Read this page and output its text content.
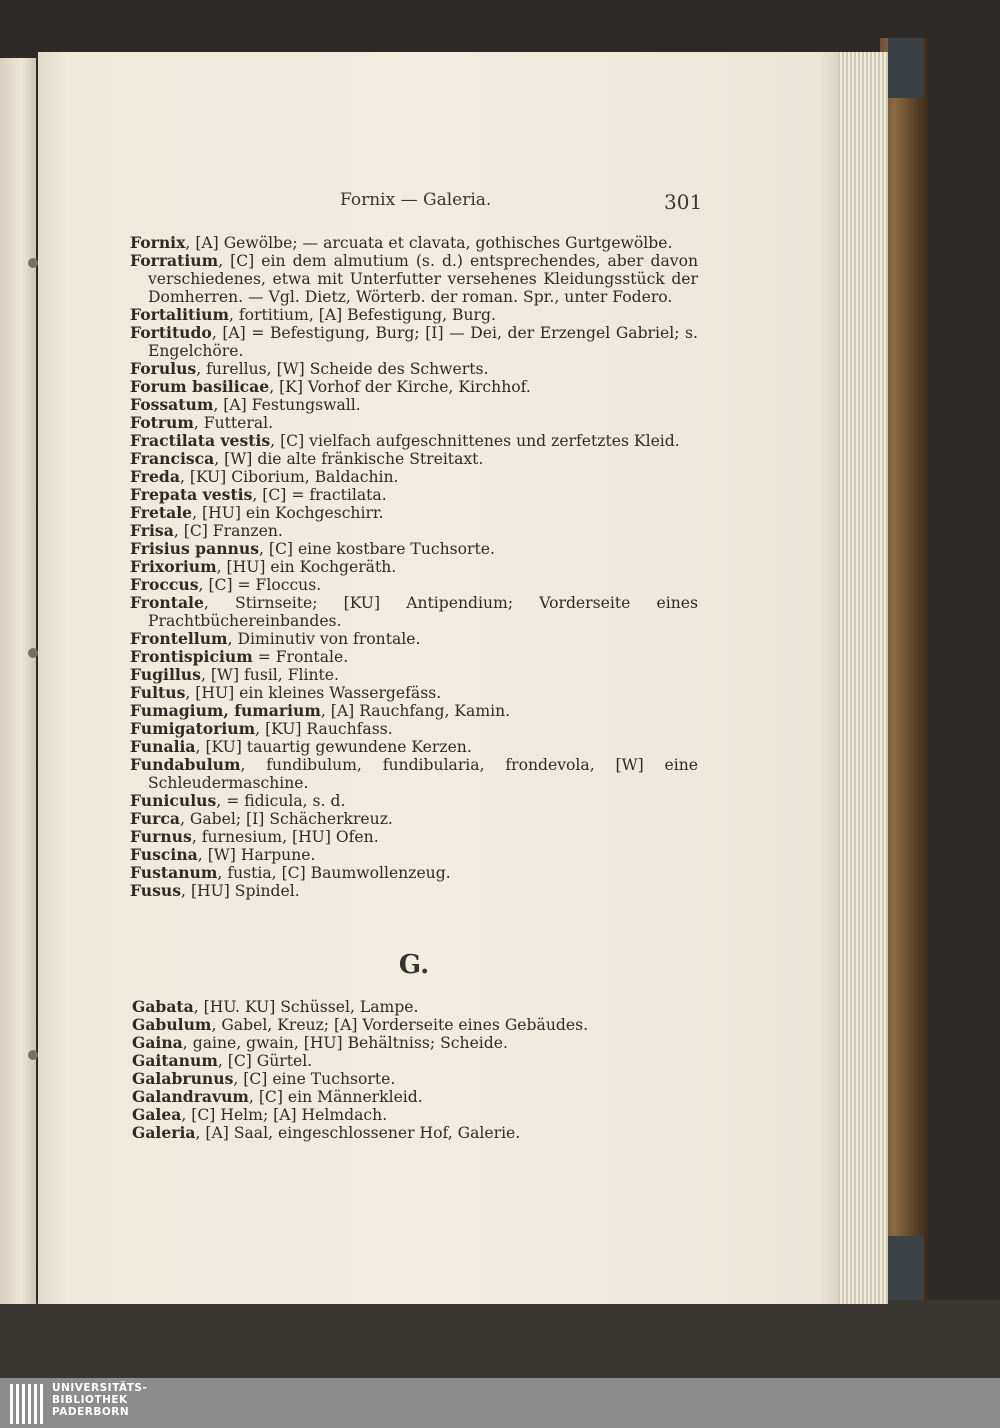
Fornix — Galeria.	301
Fornix, [A] Gewölbe; — arcuata et clavata, gothisches Gurtgewölbe.
Forratium, [C] ein dem almutium (s. d.) entsprechendes, aber davon verschiedenes, etwa mit Unterfutter versehenes Kleidungsstück der Domherren. — Vgl. Dietz, Wörterb. der roman. Spr., unter Fodero.
Fortalitium, fortitium, [A] Befestigung, Burg.
Fortitudo, [A] = Befestigung, Burg; [I] — Dei, der Erzengel Gabriel; s. Engelchöre.
Forulus, furellus, [W] Scheide des Schwerts.
Forum basilicae, [K] Vorhof der Kirche, Kirchhof.
Fossatum, [A] Festungswall.
Fotrum, Futteral.
Fractilata vestis, [C] vielfach aufgeschnittenes und zerfetztes Kleid.
Francisca, [W] die alte fränkische Streitaxt.
Freda, [KU] Ciborium, Baldachin.
Frepata vestis, [C] = fractilata.
Fretale, [HU] ein Kochgeschirr.
Frisa, [C] Franzen.
Frisius pannus, [C] eine kostbare Tuchsorte.
Frixorium, [HU] ein Kochgeräth.
Froccus, [C] = Floccus.
Frontale, Stirnseite; [KU] Antipendium; Vorderseite eines Prachtbüchereinbandes.
Frontellum, Diminutiv von frontale.
Frontispicium = Frontale.
Fugillus, [W] fusil, Flinte.
Fultus, [HU] ein kleines Wassergefäss.
Fumagium, fumarium, [A] Rauchfang, Kamin.
Fumigatorium, [KU] Rauchfass.
Funalia, [KU] tauartig gewundene Kerzen.
Fundabulum, fundibulum, fundibularia, frondevola, [W] eine Schleudermaschine.
Funiculus, = fidicula, s. d.
Furca, Gabel; [I] Schächerkreuz.
Furnus, furnesium, [HU] Ofen.
Fuscina, [W] Harpune.
Fustanum, fustia, [C] Baumwollenzeug.
Fusus, [HU] Spindel.
Gabata, [HU. KU] Schüssel, Lampe.
Gabulum, Gabel, Kreuz; [A] Vorderseite eines Gebäudes.
Gaina, gaine, gwain, [HU] Behältniss; Scheide.
Gaitanum, [C] Gürtel.
Galabrunus, [C] eine Tuchsorte.
Galandravum, [C] ein Männerkleid.
Galea, [C] Helm; [A] Helmdach.
Galeria, [A] Saal, eingeschlossener Hof, Galerie.
G.
UNIVERSITÄTS-
BIBLIOTHEK
PADERBORN
